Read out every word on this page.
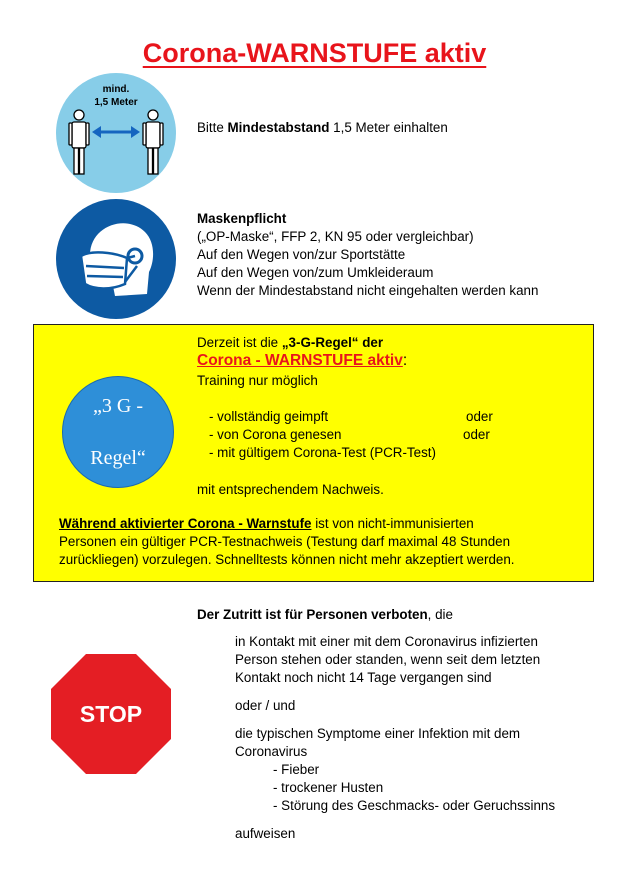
Corona-WARNSTUFE aktiv
mind.
1,5 Meter
Bitte Mindestabstand 1,5 Meter einhalten
Maskenpflicht
(„OP-Maske“, FFP 2, KN 95 oder vergleichbar)
Auf den Wegen von/zur Sportstätte
Auf den Wegen von/zum Umkleideraum
Wenn der Mindestabstand nicht eingehalten werden kann
„3 G -

Regel“
Derzeit ist die „3-G-Regel“ der
Corona - WARNSTUFE aktiv:
Training nur möglich
- vollständig geimpft	oder
- von Corona genesen	oder
- mit gültigem Corona-Test (PCR-Test)
mit entsprechendem Nachweis.
Während aktivierter Corona - Warnstufe ist von nicht-immunisierten
Personen ein gültiger PCR-Testnachweis (Testung darf maximal 48 Stunden
zurückliegen) vorzulegen. Schnelltests können nicht mehr akzeptiert werden.
Der Zutritt ist für Personen verboten, die
STOP
in Kontakt mit einer mit dem Coronavirus infizierten
Person stehen oder standen, wenn seit dem letzten
Kontakt noch nicht 14 Tage vergangen sind
oder / und
die typischen Symptome einer Infektion mit dem
Coronavirus
- Fieber
- trockener Husten
- Störung des Geschmacks- oder Geruchssinns
aufweisen
